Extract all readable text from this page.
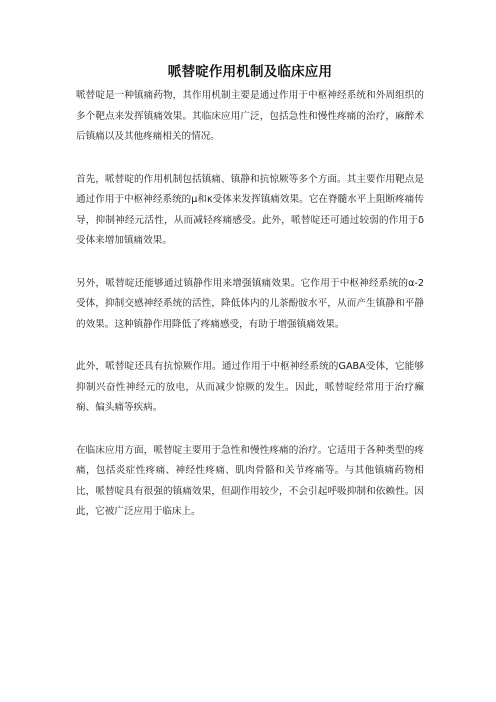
哌替啶作用机制及临床应用

哌替啶是一种镇痛药物，其作用机制主要是通过作用于中枢神经系统和外周组织的多个靶点来发挥镇痛效果。其临床应用广泛，包括急性和慢性疼痛的治疗，麻醉术后镇痛以及其他疼痛相关的情况。

首先，哌替啶的作用机制包括镇痛、镇静和抗惊厥等多个方面。其主要作用靶点是通过作用于中枢神经系统的μ和κ受体来发挥镇痛效果。它在脊髓水平上阻断疼痛传导，抑制神经元活性，从而减轻疼痛感受。此外，哌替啶还可通过较弱的作用于δ受体来增加镇痛效果。

另外，哌替啶还能够通过镇静作用来增强镇痛效果。它作用于中枢神经系统的α-2受体，抑制交感神经系统的活性，降低体内的儿茶酚胺水平，从而产生镇静和平静的效果。这种镇静作用降低了疼痛感受，有助于增强镇痛效果。

此外，哌替啶还具有抗惊厥作用。通过作用于中枢神经系统的GABA受体，它能够抑制兴奋性神经元的放电，从而减少惊厥的发生。因此，哌替啶经常用于治疗癫痫、偏头痛等疾病。

在临床应用方面，哌替啶主要用于急性和慢性疼痛的治疗。它适用于各种类型的疼痛，包括炎症性疼痛、神经性疼痛、肌肉骨骼和关节疼痛等。与其他镇痛药物相比，哌替啶具有很强的镇痛效果，但副作用较少，不会引起呼吸抑制和依赖性。因此，它被广泛应用于临床上。
